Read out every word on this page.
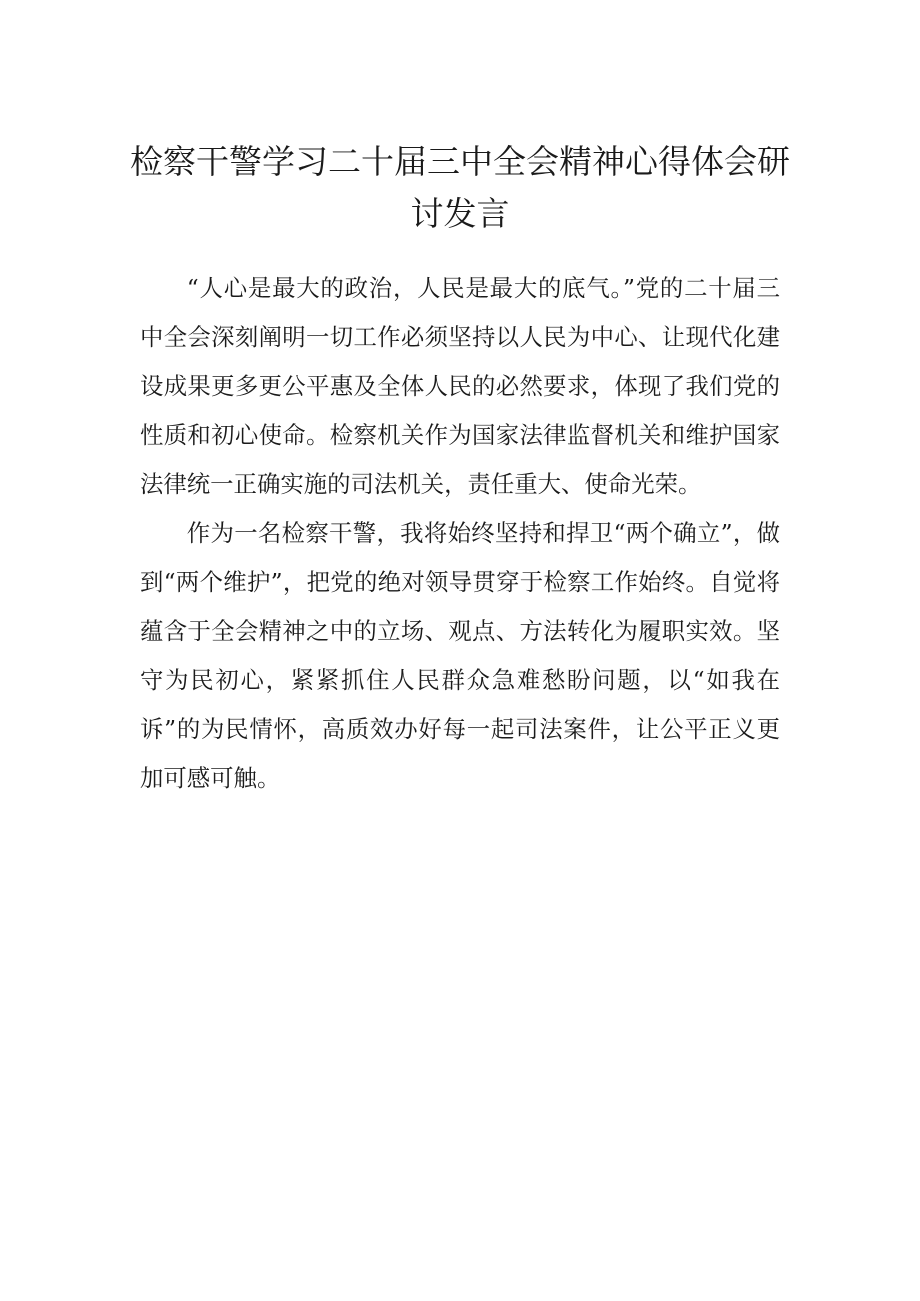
检察干警学习二十届三中全会精神心得体会研讨发言

“人心是最大的政治，人民是最大的底气。”党的二十届三中全会深刻阐明一切工作必须坚持以人民为中心、让现代化建设成果更多更公平惠及全体人民的必然要求，体现了我们党的性质和初心使命。检察机关作为国家法律监督机关和维护国家法律统一正确实施的司法机关，责任重大、使命光荣。

作为一名检察干警，我将始终坚持和捍卫“两个确立”，做到“两个维护”，把党的绝对领导贯穿于检察工作始终。自觉将蕴含于全会精神之中的立场、观点、方法转化为履职实效。坚守为民初心，紧紧抓住人民群众急难愁盼问题，以“如我在诉”的为民情怀，高质效办好每一起司法案件，让公平正义更加可感可触。
